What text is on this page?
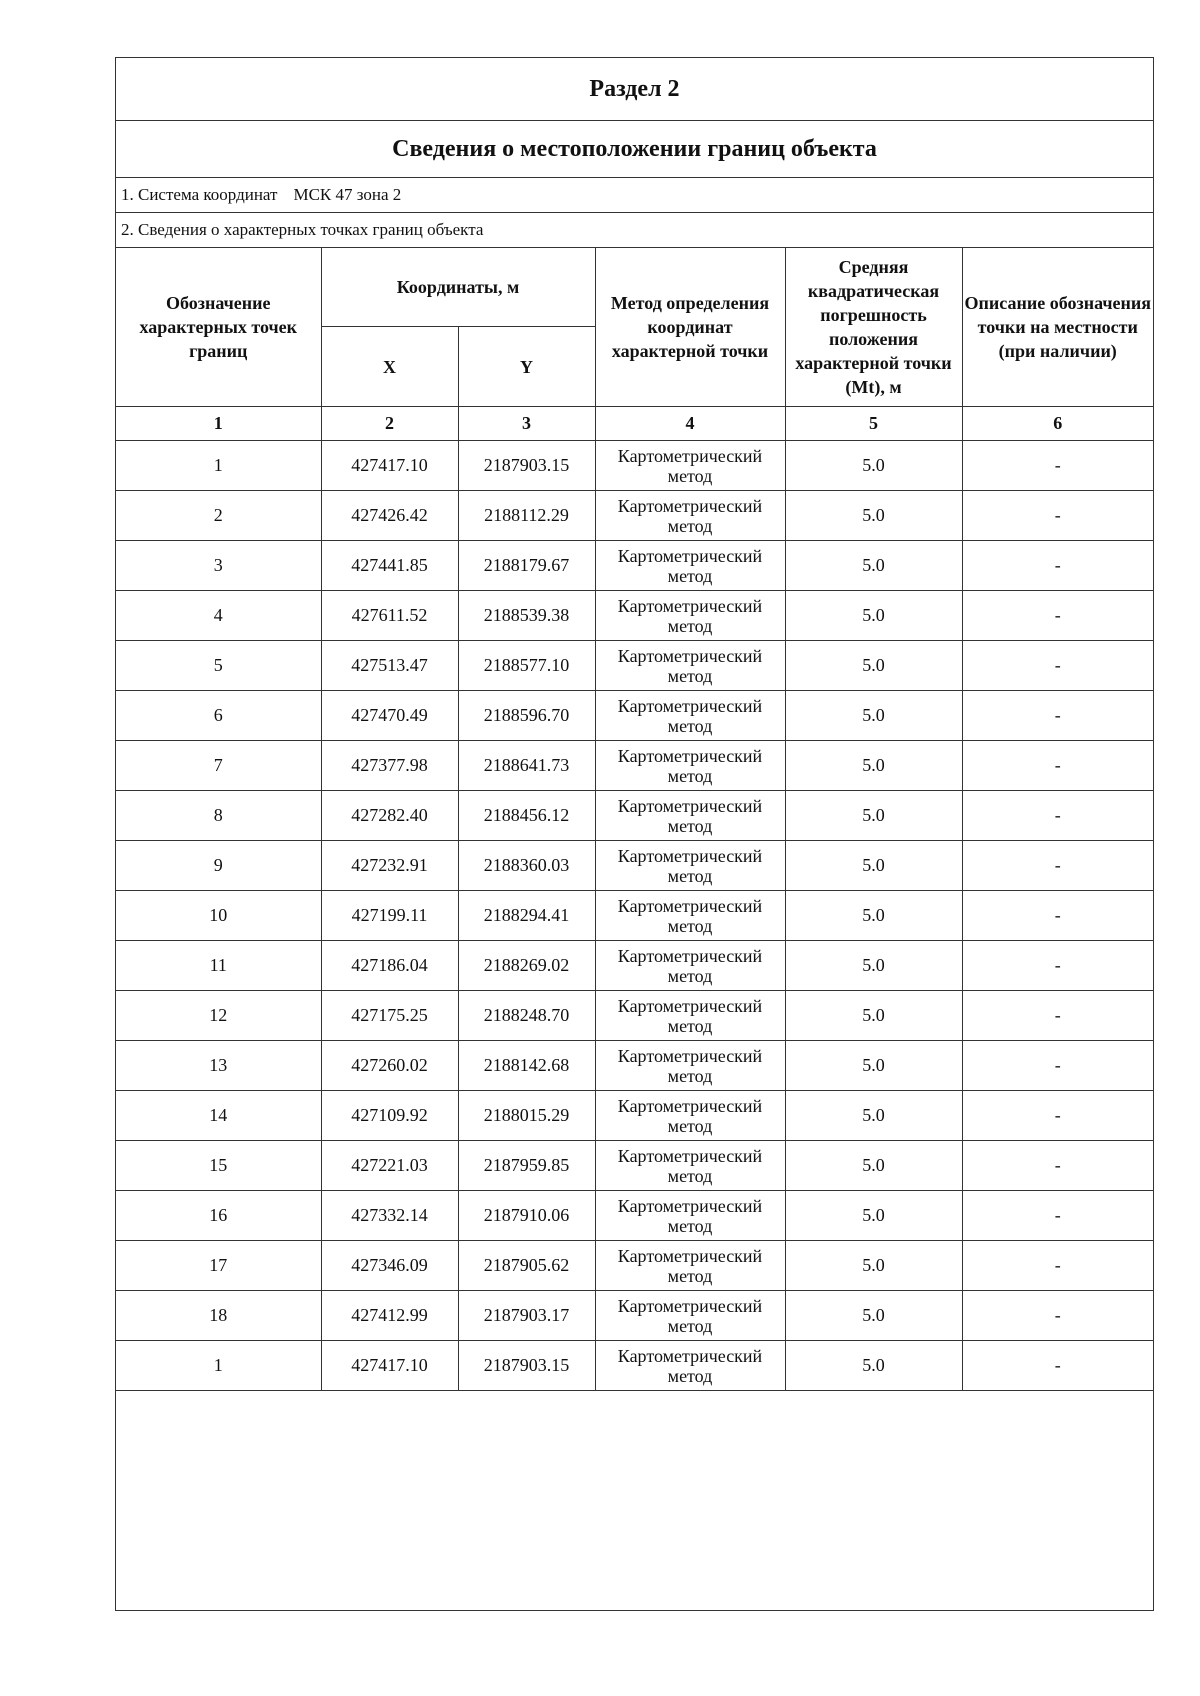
Раздел 2
Сведения о местоположении границ объекта
1. Система координат МСК 47 зона 2
2. Сведения о характерных точках границ объекта
Обозначение характерных точек границ	Координаты, м		Метод определения координат характерной точки	Средняя квадратическая погрешность положения характерной точки (Mt), м	Описание обозначения точки на местности (при наличии)
	X	Y			
1	2	3	4	5	6
1	427417.10	2187903.15	Картометрический метод	5.0	-
2	427426.42	2188112.29	Картометрический метод	5.0	-
3	427441.85	2188179.67	Картометрический метод	5.0	-
4	427611.52	2188539.38	Картометрический метод	5.0	-
5	427513.47	2188577.10	Картометрический метод	5.0	-
6	427470.49	2188596.70	Картометрический метод	5.0	-
7	427377.98	2188641.73	Картометрический метод	5.0	-
8	427282.40	2188456.12	Картометрический метод	5.0	-
9	427232.91	2188360.03	Картометрический метод	5.0	-
10	427199.11	2188294.41	Картометрический метод	5.0	-
11	427186.04	2188269.02	Картометрический метод	5.0	-
12	427175.25	2188248.70	Картометрический метод	5.0	-
13	427260.02	2188142.68	Картометрический метод	5.0	-
14	427109.92	2188015.29	Картометрический метод	5.0	-
15	427221.03	2187959.85	Картометрический метод	5.0	-
16	427332.14	2187910.06	Картометрический метод	5.0	-
17	427346.09	2187905.62	Картометрический метод	5.0	-
18	427412.99	2187903.17	Картометрический метод	5.0	-
1	427417.10	2187903.15	Картометрический метод	5.0	-
